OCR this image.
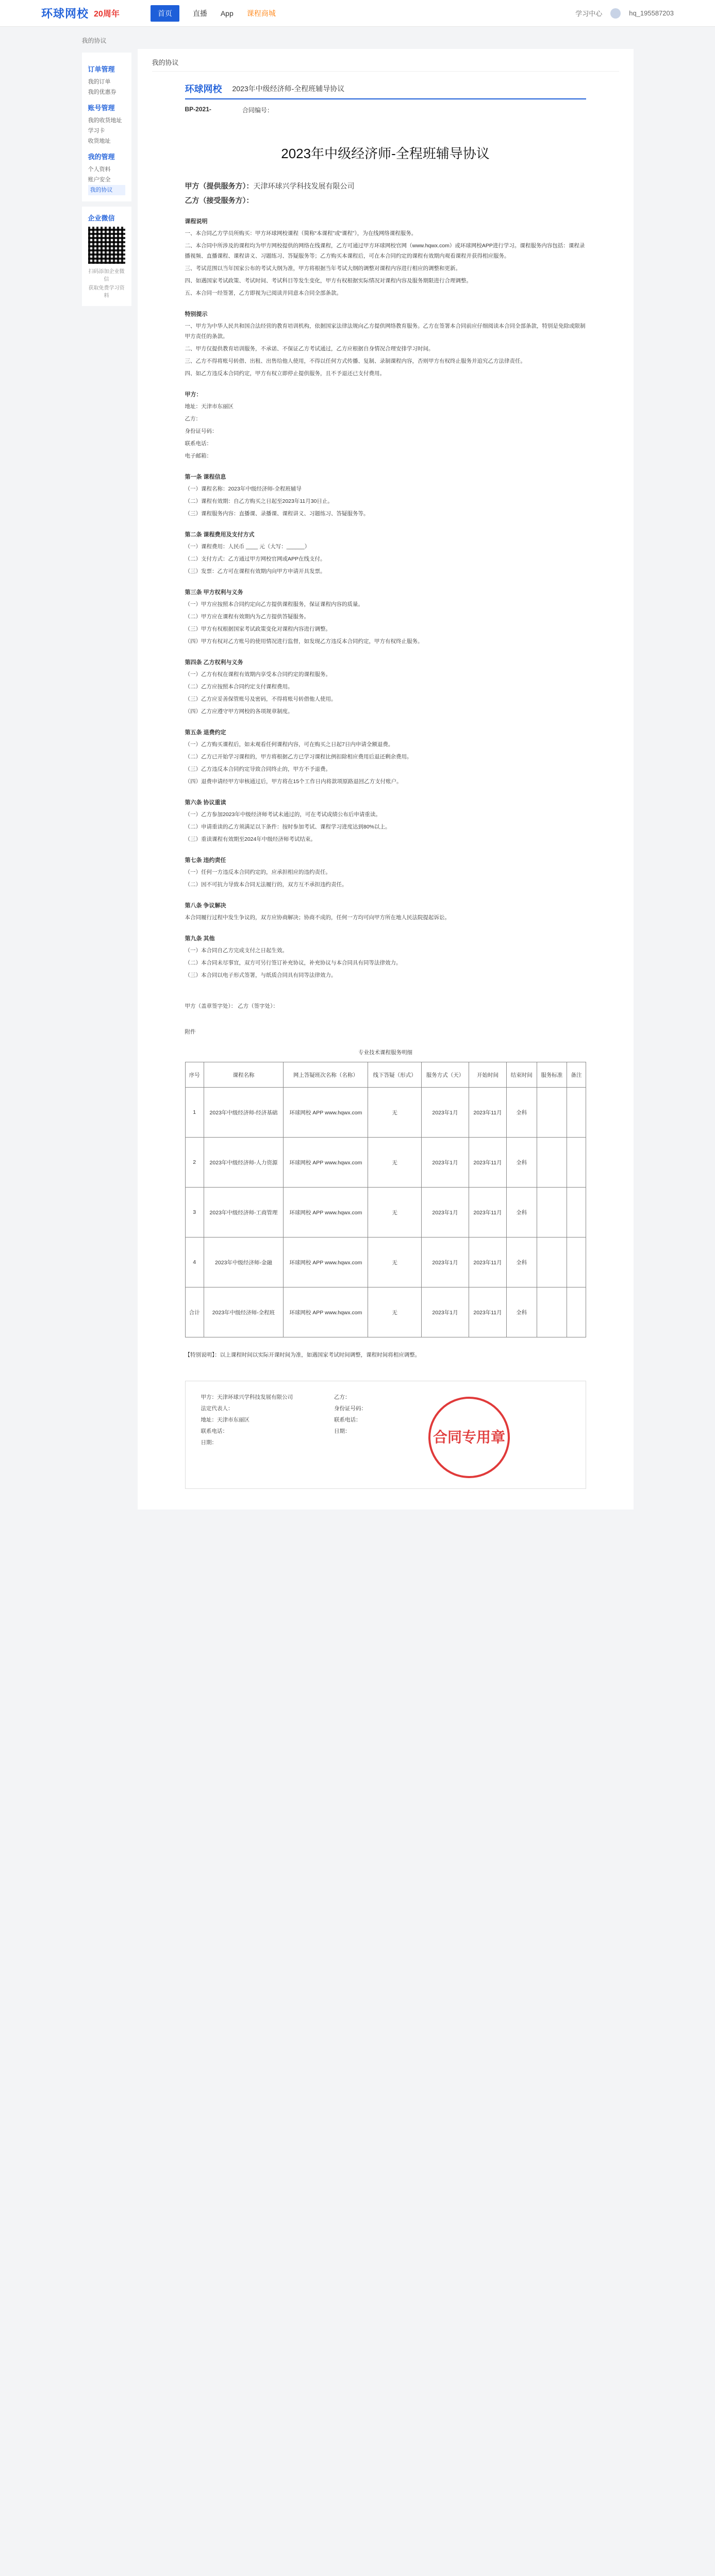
环球网校 20周年	首页	直播 App 课程商城	学习中心	hq_195587203
我的协议
订单管理
我的订单
我的优惠券
账号管理
我的收货地址
学习卡
收货地址
我的管理
个人资料
账户安全
我的协议
企业微信

扫码添加企业微信

获取免费学习资料

我的协议
环球网校 2023年中级经济师-全程班辅导协议
BP-2021-	合同编号：
2023年中级经济师-全程班辅导协议

甲方（提供服务方）：天津环球兴学科技发展有限公司

乙方（接受服务方）：

课程说明

一、本合同乙方学员所购买：甲方环球网校课程（简称“本课程”或“课程”），为在线网络课程服务。

二、本合同中所涉及的课程均为甲方网校提供的网络在线课程，乙方可通过甲方环球网校官网（www.hqwx.com）或环球网校APP进行学习。课程服务内容包括：课程录播视频、直播课程、课程讲义、习题练习、答疑服务等；乙方购买本课程后，可在本合同约定的课程有效期内观看课程并获得相应服务。

三、考试范围以当年国家公布的考试大纲为准，甲方将根据当年考试大纲的调整对课程内容进行相应的调整和更新。

四、如遇国家考试政策、考试时间、考试科目等发生变化，甲方有权根据实际情况对课程内容及服务期限进行合理调整。

五、本合同一经签署，乙方即视为已阅读并同意本合同全部条款。

特别提示

一、甲方为中华人民共和国合法经营的教育培训机构，依据国家法律法规向乙方提供网络教育服务。乙方在签署本合同前应仔细阅读本合同全部条款，特别是免除或限制甲方责任的条款。

二、甲方仅提供教育培训服务，不承诺、不保证乙方考试通过，乙方应根据自身情况合理安排学习时间。

三、乙方不得将账号转借、出租、出售给他人使用，不得以任何方式传播、复制、录制课程内容，否则甲方有权终止服务并追究乙方法律责任。

四、如乙方违反本合同约定，甲方有权立即停止提供服务，且不予退还已支付费用。

甲方：

地址：天津市东丽区

乙方：

身份证号码：

联系电话：

电子邮箱：

第一条 课程信息

（一）课程名称：2023年中级经济师-全程班辅导

（二）课程有效期：自乙方购买之日起至2023年11月30日止。

（三）课程服务内容：直播课、录播课、课程讲义、习题练习、答疑服务等。

第二条 课程费用及支付方式

（一）课程费用：人民币 ____ 元（大写：______）

（二）支付方式：乙方通过甲方网校官网或APP在线支付。

（三）发票：乙方可在课程有效期内向甲方申请开具发票。

第三条 甲方权利与义务

（一）甲方应按照本合同约定向乙方提供课程服务，保证课程内容的质量。

（二）甲方应在课程有效期内为乙方提供答疑服务。

（三）甲方有权根据国家考试政策变化对课程内容进行调整。

（四）甲方有权对乙方账号的使用情况进行监督，如发现乙方违反本合同约定，甲方有权终止服务。

第四条 乙方权利与义务

（一）乙方有权在课程有效期内享受本合同约定的课程服务。

（二）乙方应按照本合同约定支付课程费用。

（三）乙方应妥善保管账号及密码，不得将账号转借他人使用。

（四）乙方应遵守甲方网校的各项规章制度。

第五条 退费约定

（一）乙方购买课程后，如未观看任何课程内容，可在购买之日起7日内申请全额退费。

（二）乙方已开始学习课程的，甲方将根据乙方已学习课程比例扣除相应费用后退还剩余费用。

（三）乙方违反本合同约定导致合同终止的，甲方不予退费。

（四）退费申请经甲方审核通过后，甲方将在15个工作日内将款项原路退回乙方支付账户。

第六条 协议重读

（一）乙方参加2023年中级经济师考试未通过的，可在考试成绩公布后申请重读。

（二）申请重读的乙方须满足以下条件：按时参加考试、课程学习进度达到80%以上。

（三）重读课程有效期至2024年中级经济师考试结束。

第七条 违约责任

（一）任何一方违反本合同约定的，应承担相应的违约责任。

（二）因不可抗力导致本合同无法履行的，双方互不承担违约责任。

第八条 争议解决

本合同履行过程中发生争议的，双方应协商解决；协商不成的，任何一方均可向甲方所在地人民法院提起诉讼。

第九条 其他

（一）本合同自乙方完成支付之日起生效。

（二）本合同未尽事宜，双方可另行签订补充协议，补充协议与本合同具有同等法律效力。

（三）本合同以电子形式签署，与纸质合同具有同等法律效力。

甲方（盖章签字处）： 乙方（签字处）：

附件

专业技术课程服务明细

序号	课程名称	网上答疑班次名称（名称）	线下答疑（形式）	服务方式（天）	开始时间	结束时间	服务标准	备注
1	2023年中级经济师-经济基础	环球网校 APP www.hqwx.com	无	2023年1月	2023年11月	全科		
2	2023年中级经济师-人力资源	环球网校 APP www.hqwx.com	无	2023年1月	2023年11月	全科		
3	2023年中级经济师-工商管理	环球网校 APP www.hqwx.com	无	2023年1月	2023年11月	全科		
4	2023年中级经济师-金融	环球网校 APP www.hqwx.com	无	2023年1月	2023年11月	全科		
合计	2023年中级经济师-全程班	环球网校 APP www.hqwx.com	无	2023年1月	2023年11月	全科		

【特别说明】：以上课程时间以实际开课时间为准，如遇国家考试时间调整，课程时间将相应调整。

甲方：天津环球兴学科技发展有限公司
法定代表人：
地址：天津市东丽区
联系电话：
日期：
乙方：
身份证号码：
联系电话：
日期：	合同专用章
